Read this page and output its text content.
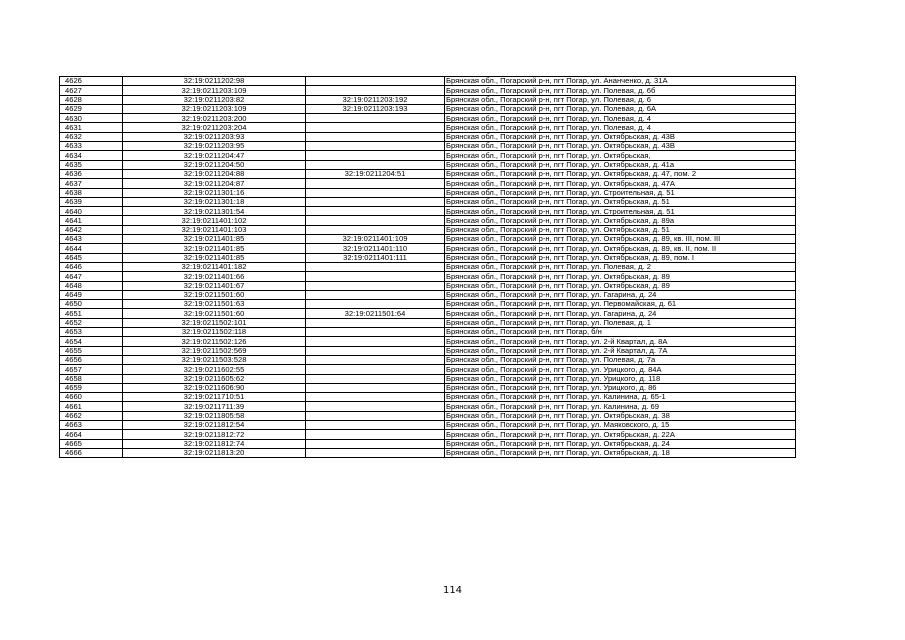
4626	32:19:0211202:98		Брянская обл., Погарский р-н, пгт Погар, ул. Ананченко, д. 31А
4627	32:19:0211203:109		Брянская обл., Погарский р-н, пгт Погар, ул. Полевая, д. 6б
4628	32:19:0211203:82	32:19:0211203:192	Брянская обл., Погарский р-н, пгт Погар, ул. Полевая, д. 6
4629	32:19:0211203:109	32:19:0211203:193	Брянская обл., Погарский р-н, пгт Погар, ул. Полевая, д. 6А
4630	32:19:0211203:200		Брянская обл., Погарский р-н, пгт Погар, ул. Полевая, д. 4
4631	32:19:0211203:204		Брянская обл., Погарский р-н, пгт Погар, ул. Полевая, д. 4
4632	32:19:0211203:93		Брянская обл., Погарский р-н, пгт Погар, ул. Октябрьская, д. 43В
4633	32:19:0211203:95		Брянская обл., Погарский р-н, пгт Погар, ул. Октябрьская, д. 43В
4634	32:19:0211204:47		Брянская обл., Погарский р-н, пгт Погар, ул. Октябрьская,
4635	32:19:0211204:50		Брянская обл., Погарский р-н, пгт Погар, ул. Октябрьская, д. 41а
4636	32:19:0211204:88	32:19:0211204:51	Брянская обл., Погарский р-н, пгт Погар, ул. Октябрьская, д. 47, пом. 2
4637	32:19:0211204:87		Брянская обл., Погарский р-н, пгт Погар, ул. Октябрьская, д. 47А
4638	32:19:0211301:16		Брянская обл., Погарский р-н, пгт Погар, ул. Строительная, д. 51
4639	32:19:0211301:18		Брянская обл., Погарский р-н, пгт Погар, ул. Октябрьская, д. 51
4640	32:19:0211301:54		Брянская обл., Погарский р-н, пгт Погар, ул. Строительная, д. 51
4641	32:19:0211401:102		Брянская обл., Погарский р-н, пгт Погар, ул. Октябрьская, д. 89а
4642	32:19:0211401:103		Брянская обл., Погарский р-н, пгт Погар, ул. Октябрьская, д. 51
4643	32:19:0211401:85	32:19:0211401:109	Брянская обл., Погарский р-н, пгт Погар, ул. Октябрьская, д. 89, кв. III, пом. III
4644	32:19:0211401:85	32:19:0211401:110	Брянская обл., Погарский р-н, пгт Погар, ул. Октябрьская, д. 89, кв. II, пом. II
4645	32:19:0211401:85	32:19:0211401:111	Брянская обл., Погарский р-н, пгт Погар, ул. Октябрьская, д. 89, пом. I
4646	32:19:0211401:182		Брянская обл., Погарский р-н, пгт Погар, ул. Полевая, д. 2
4647	32:19:0211401:66		Брянская обл., Погарский р-н, пгт Погар, ул. Октябрьская, д. 89
4648	32:19:0211401:67		Брянская обл., Погарский р-н, пгт Погар, ул. Октябрьская, д. 89
4649	32:19:0211501:60		Брянская обл., Погарский р-н, пгт Погар, ул. Гагарина, д. 24
4650	32:19:0211501:63		Брянская обл., Погарский р-н, пгт Погар, ул. Первомайская, д. 61
4651	32:19:0211501:60	32:19:0211501:64	Брянская обл., Погарский р-н, пгт Погар, ул. Гагарина, д. 24
4652	32:19:0211502:101		Брянская обл., Погарский р-н, пгт Погар, ул. Полевая, д. 1
4653	32:19:0211502:118		Брянская обл., Погарский р-н, пгт Погар, б/н
4654	32:19:0211502:126		Брянская обл., Погарский р-н, пгт Погар, ул. 2-й Квартал, д. 8А
4655	32:19:0211502:569		Брянская обл., Погарский р-н, пгт Погар, ул. 2-й Квартал, д. 7А
4656	32:19:0211503:528		Брянская обл., Погарский р-н, пгт Погар, ул. Полевая, д. 7а
4657	32:19:0211602:55		Брянская обл., Погарский р-н, пгт Погар, ул. Урицкого, д. 84А
4658	32:19:0211605:62		Брянская обл., Погарский р-н, пгт Погар, ул. Урицкого, д. 118
4659	32:19:0211606:90		Брянская обл., Погарский р-н, пгт Погар, ул. Урицкого, д. 86
4660	32:19:0211710:51		Брянская обл., Погарский р-н, пгт Погар, ул. Калинина, д. 65-1
4661	32:19:0211711:39		Брянская обл., Погарский р-н, пгт Погар, ул. Калинина, д. 69
4662	32:19:0211805:58		Брянская обл., Погарский р-н, пгт Погар, ул. Октябрьская, д. 38
4663	32:19:0211812:54		Брянская обл., Погарский р-н, пгт Погар, ул. Маяковского, д. 15
4664	32:19:0211812:72		Брянская обл., Погарский р-н, пгт Погар, ул. Октябрьская, д. 22А
4665	32:19:0211812:74		Брянская обл., Погарский р-н, пгт Погар, ул. Октябрьская, д. 24
4666	32:19:0211813:20		Брянская обл., Погарский р-н, пгт Погар, ул. Октябрьская, д. 18
114
